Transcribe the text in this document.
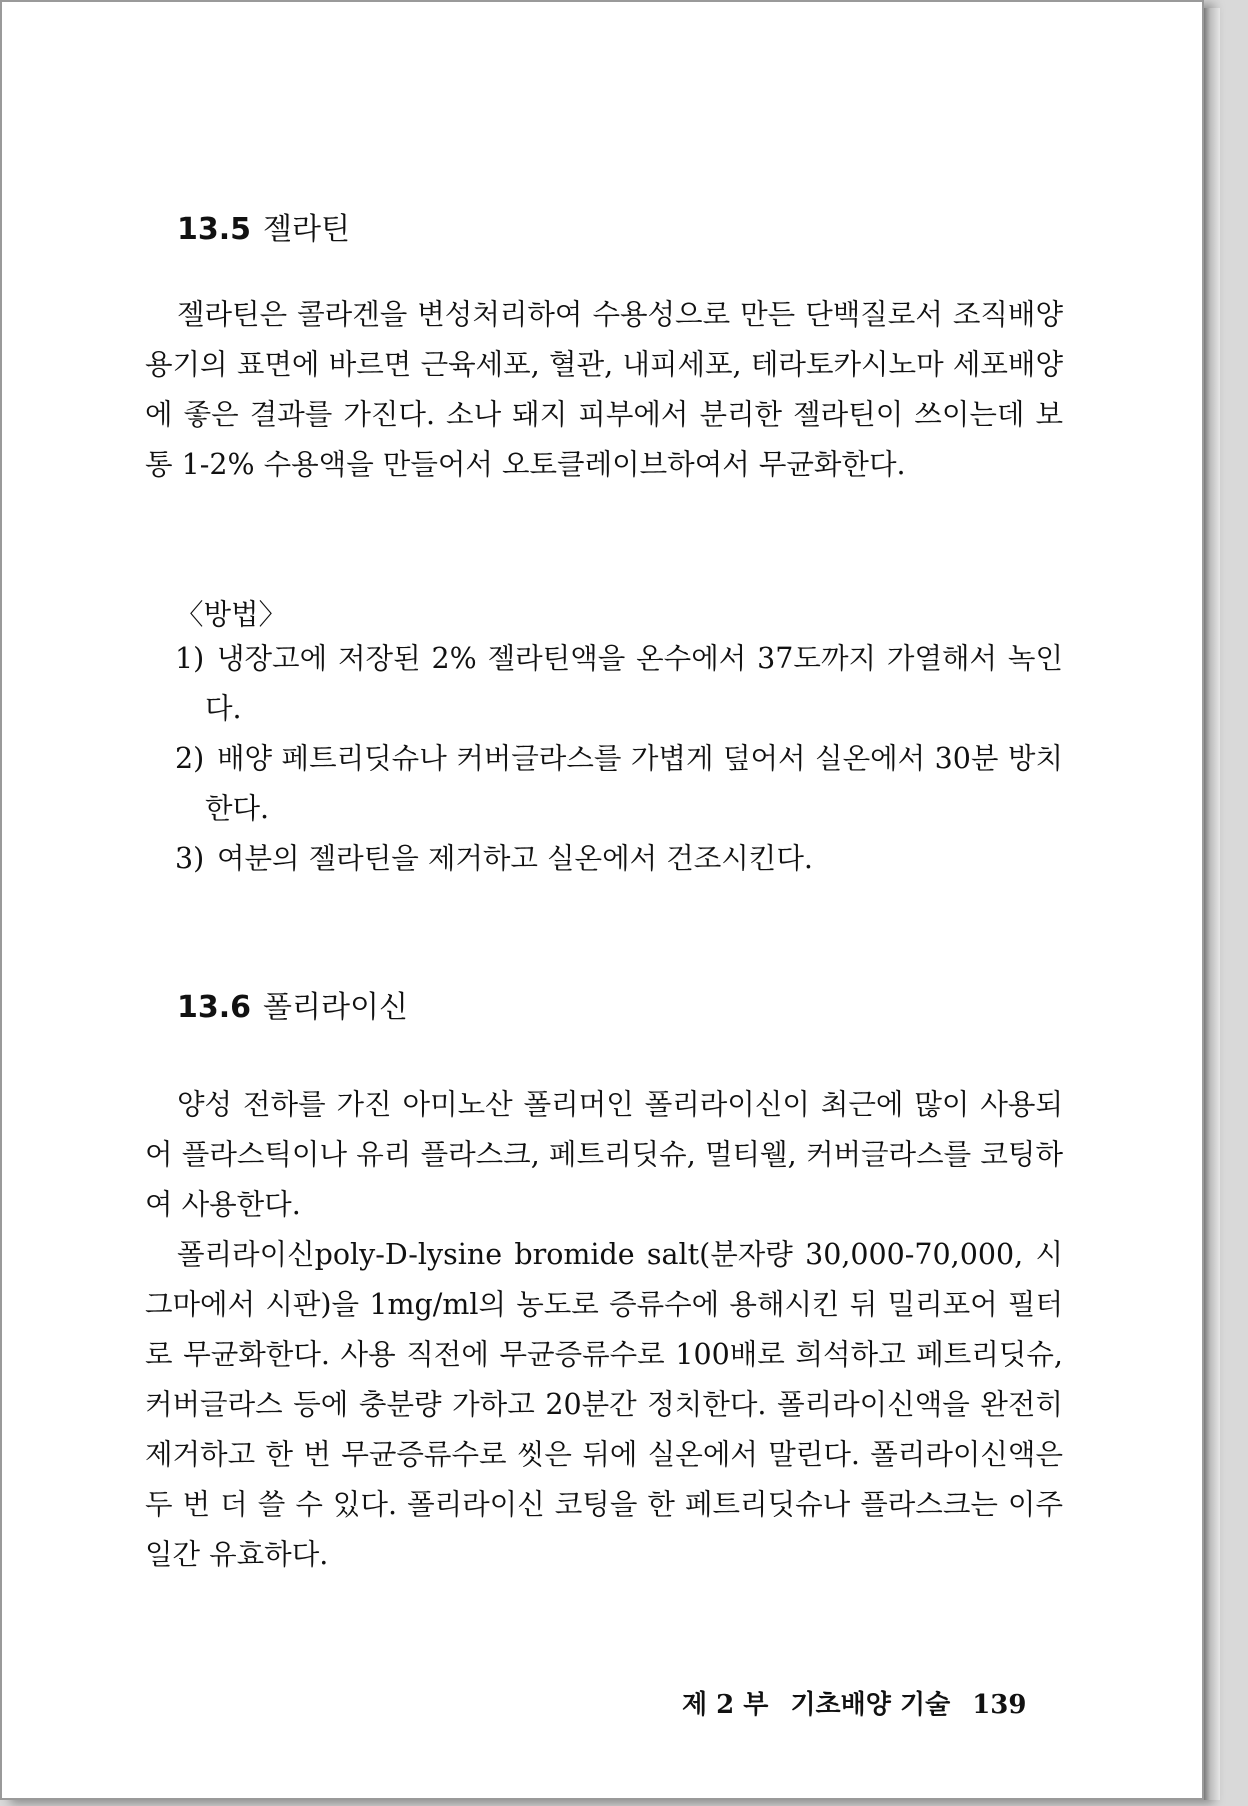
13.5 젤라틴

젤라틴은 콜라겐을 변성처리하여 수용성으로 만든 단백질로서 조직배양 용기의 표면에 바르면 근육세포, 혈관, 내피세포, 테라토카시노마 세포배양에 좋은 결과를 가진다. 소나 돼지 피부에서 분리한 젤라틴이 쓰이는데 보통 1-2% 수용액을 만들어서 오토클레이브하여서 무균화한다.

〈방법〉
1) 냉장고에 저장된 2% 젤라틴액을 온수에서 37도까지 가열해서 녹인다.
2) 배양 페트리딧슈나 커버글라스를 가볍게 덮어서 실온에서 30분 방치한다.
3) 여분의 젤라틴을 제거하고 실온에서 건조시킨다.
13.6 폴리라이신

양성 전하를 가진 아미노산 폴리머인 폴리라이신이 최근에 많이 사용되어 플라스틱이나 유리 플라스크, 페트리딧슈, 멀티웰, 커버글라스를 코팅하여 사용한다.

폴리라이신poly-D-lysine bromide salt(분자량 30,000-70,000, 시그마에서 시판)을 1mg/ml의 농도로 증류수에 용해시킨 뒤 밀리포어 필터로 무균화한다. 사용 직전에 무균증류수로 100배로 희석하고 페트리딧슈, 커버글라스 등에 충분량 가하고 20분간 정치한다. 폴리라이신액을 완전히 제거하고 한 번 무균증류수로 씻은 뒤에 실온에서 말린다. 폴리라이신액은 두 번 더 쓸 수 있다. 폴리라이신 코팅을 한 페트리딧슈나 플라스크는 이주일간 유효하다.

제 2 부 기초배양 기술 139
